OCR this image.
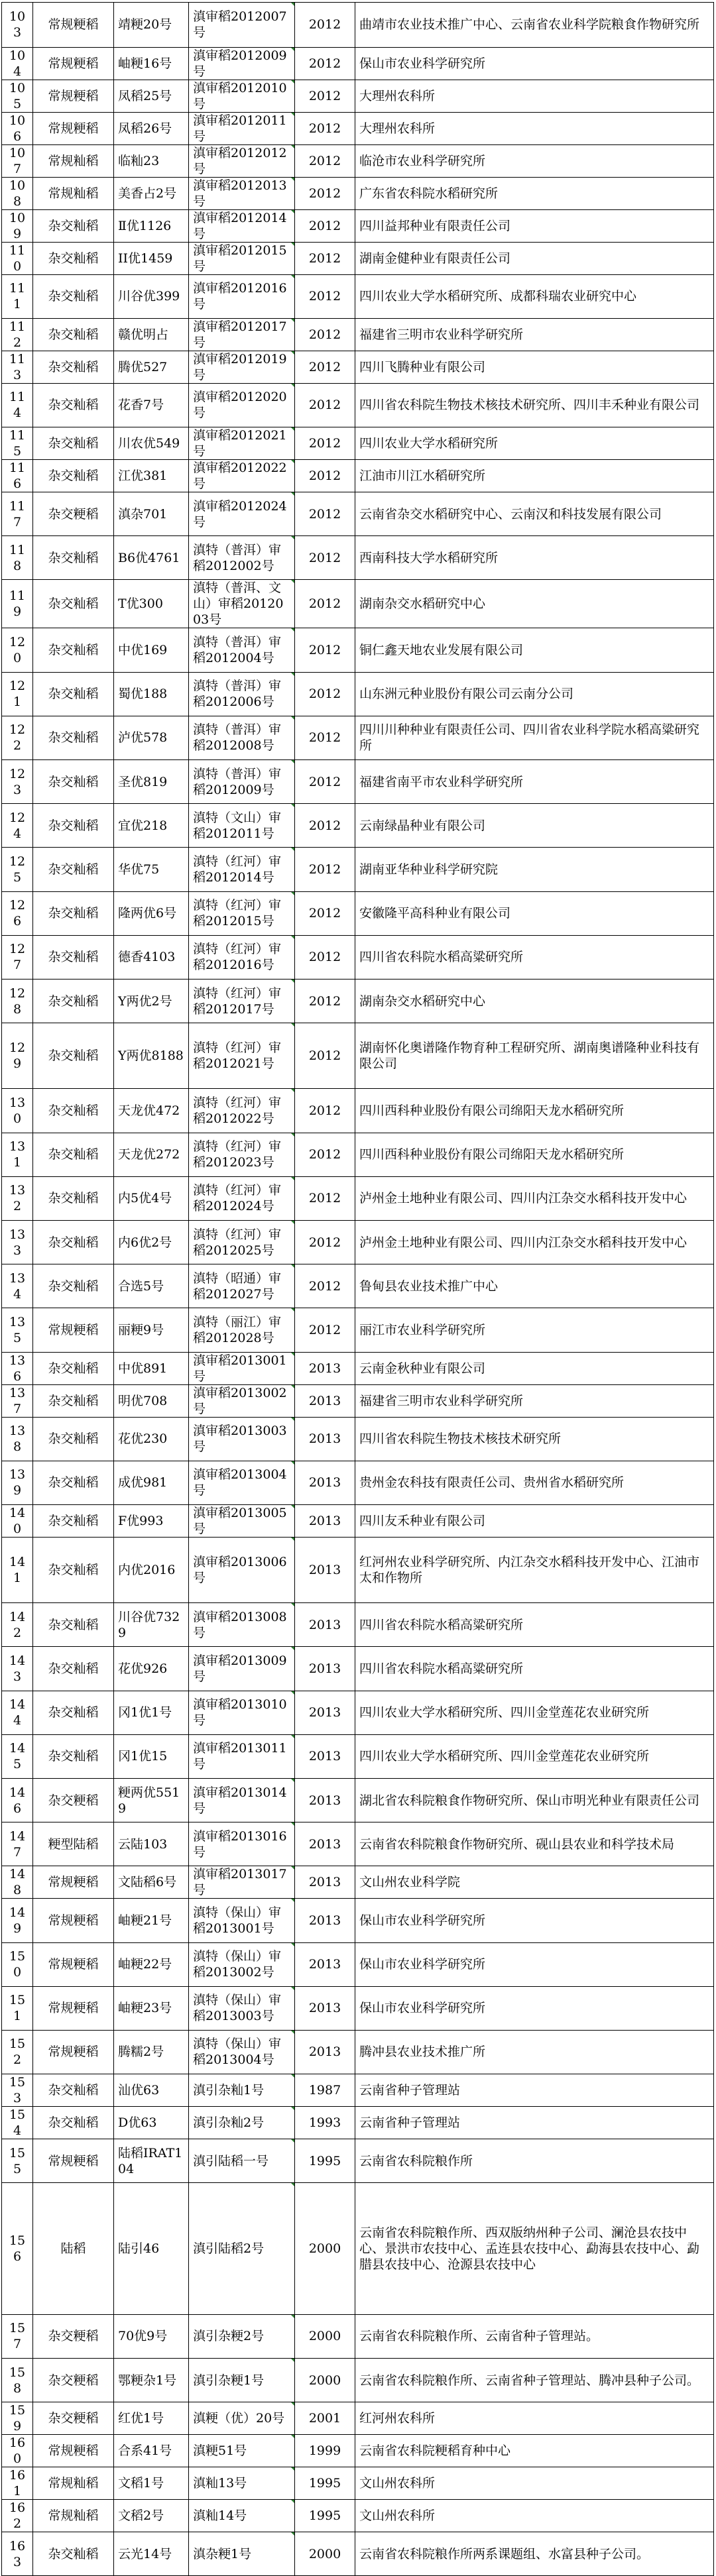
103	常规粳稻	靖粳20号	滇审稻2012007号	2012	曲靖市农业技术推广中心、云南省农业科学院粮食作物研究所
104	常规粳稻	岫粳16号	滇审稻2012009号	2012	保山市农业科学研究所
105	常规粳稻	凤稻25号	滇审稻2012010号	2012	大理州农科所
106	常规粳稻	凤稻26号	滇审稻2012011号	2012	大理州农科所
107	常规籼稻	临籼23	滇审稻2012012号	2012	临沧市农业科学研究所
108	常规籼稻	美香占2号	滇审稻2012013号	2012	广东省农科院水稻研究所
109	杂交籼稻	Ⅱ优1126	滇审稻2012014号	2012	四川益邦种业有限责任公司
110	杂交籼稻	II优1459	滇审稻2012015号	2012	湖南金健种业有限责任公司
111	杂交籼稻	川谷优399	滇审稻2012016号	2012	四川农业大学水稻研究所、成都科瑞农业研究中心
112	杂交籼稻	赣优明占	滇审稻2012017号	2012	福建省三明市农业科学研究所
113	杂交籼稻	腾优527	滇审稻2012019号	2012	四川飞腾种业有限公司
114	杂交籼稻	花香7号	滇审稻2012020号	2012	四川省农科院生物技术核技术研究所、四川丰禾种业有限公司
115	杂交籼稻	川农优549	滇审稻2012021号	2012	四川农业大学水稻研究所
116	杂交籼稻	江优381	滇审稻2012022号	2012	江油市川江水稻研究所
117	杂交粳稻	滇杂701	滇审稻2012024号	2012	云南省杂交水稻研究中心、云南汉和科技发展有限公司
118	杂交籼稻	B6优4761	滇特（普洱）审稻2012002号	2012	西南科技大学水稻研究所
119	杂交籼稻	T优300	滇特（普洱、文山）审稻2012003号	2012	湖南杂交水稻研究中心
120	杂交籼稻	中优169	滇特（普洱）审稻2012004号	2012	铜仁鑫天地农业发展有限公司
121	杂交籼稻	蜀优188	滇特（普洱）审稻2012006号	2012	山东洲元种业股份有限公司云南分公司
122	杂交籼稻	泸优578	滇特（普洱）审稻2012008号	2012	四川川种种业有限责任公司、四川省农业科学院水稻高粱研究所
123	杂交籼稻	圣优819	滇特（普洱）审稻2012009号	2012	福建省南平市农业科学研究所
124	杂交籼稻	宜优218	滇特（文山）审稻2012011号	2012	云南绿晶种业有限公司
125	杂交籼稻	华优75	滇特（红河）审稻2012014号	2012	湖南亚华种业科学研究院
126	杂交籼稻	隆两优6号	滇特（红河）审稻2012015号	2012	安徽隆平高科种业有限公司
127	杂交籼稻	德香4103	滇特（红河）审稻2012016号	2012	四川省农科院水稻高粱研究所
128	杂交籼稻	Y两优2号	滇特（红河）审稻2012017号	2012	湖南杂交水稻研究中心
129	杂交籼稻	Y两优8188	滇特（红河）审稻2012021号	2012	湖南怀化奥谱隆作物育种工程研究所、湖南奥谱隆种业科技有限公司
130	杂交籼稻	天龙优472	滇特（红河）审稻2012022号	2012	四川西科种业股份有限公司绵阳天龙水稻研究所
131	杂交籼稻	天龙优272	滇特（红河）审稻2012023号	2012	四川西科种业股份有限公司绵阳天龙水稻研究所
132	杂交籼稻	内5优4号	滇特（红河）审稻2012024号	2012	泸州金土地种业有限公司、四川内江杂交水稻科技开发中心
133	杂交籼稻	内6优2号	滇特（红河）审稻2012025号	2012	泸州金土地种业有限公司、四川内江杂交水稻科技开发中心
134	杂交籼稻	合选5号	滇特（昭通）审稻2012027号	2012	鲁甸县农业技术推广中心
135	常规粳稻	丽粳9号	滇特（丽江）审稻2012028号	2012	丽江市农业科学研究所
136	杂交籼稻	中优891	滇审稻2013001号	2013	云南金秋种业有限公司
137	杂交籼稻	明优708	滇审稻2013002号	2013	福建省三明市农业科学研究所
138	杂交籼稻	花优230	滇审稻2013003号	2013	四川省农科院生物技术核技术研究所
139	杂交籼稻	成优981	滇审稻2013004号	2013	贵州金农科技有限责任公司、贵州省水稻研究所
140	杂交籼稻	F优993	滇审稻2013005号	2013	四川友禾种业有限公司
141	杂交籼稻	内优2016	滇审稻2013006号	2013	红河州农业科学研究所、内江杂交水稻科技开发中心、江油市太和作物所
142	杂交籼稻	川谷优7329	滇审稻2013008号	2013	四川省农科院水稻高粱研究所
143	杂交籼稻	花优926	滇审稻2013009号	2013	四川省农科院水稻高粱研究所
144	杂交籼稻	冈1优1号	滇审稻2013010号	2013	四川农业大学水稻研究所、四川金堂莲花农业研究所
145	杂交籼稻	冈1优15	滇审稻2013011号	2013	四川农业大学水稻研究所、四川金堂莲花农业研究所
146	杂交粳稻	粳两优5519	滇审稻2013014号	2013	湖北省农科院粮食作物研究所、保山市明光种业有限责任公司
147	粳型陆稻	云陆103	滇审稻2013016号	2013	云南省农科院粮食作物研究所、砚山县农业和科学技术局
148	常规粳稻	文陆稻6号	滇审稻2013017号	2013	文山州农业科学院
149	常规粳稻	岫粳21号	滇特（保山）审稻2013001号	2013	保山市农业科学研究所
150	常规粳稻	岫粳22号	滇特（保山）审稻2013002号	2013	保山市农业科学研究所
151	常规粳稻	岫粳23号	滇特（保山）审稻2013003号	2013	保山市农业科学研究所
152	常规粳稻	腾糯2号	滇特（保山）审稻2013004号	2013	腾冲县农业技术推广所
153	杂交籼稻	汕优63	滇引杂籼1号	1987	云南省种子管理站
154	杂交籼稻	D优63	滇引杂籼2号	1993	云南省种子管理站
155	常规粳稻	陆稻IRAT104	滇引陆稻一号	1995	云南省农科院粮作所
156	陆稻	陆引46	滇引陆稻2号	2000	云南省农科院粮作所、西双版纳州种子公司、澜沧县农技中心、景洪市农技中心、孟连县农技中心、勐海县农技中心、勐腊县农技中心、沧源县农技中心
157	杂交粳稻	70优9号	滇引杂粳2号	2000	云南省农科院粮作所、云南省种子管理站。
158	杂交粳稻	鄂粳杂1号	滇引杂粳1号	2000	云南省农科院粮作所、云南省种子管理站、腾冲县种子公司。
159	杂交粳稻	红优1号	滇粳（优）20号	2001	红河州农科所
160	常规粳稻	合系41号	滇粳51号	1999	云南省农科院粳稻育种中心
161	常规籼稻	文稻1号	滇籼13号	1995	文山州农科所
162	常规籼稻	文稻2号	滇籼14号	1995	文山州农科所
163	杂交籼稻	云光14号	滇杂粳1号	2000	云南省农科院粮作所两系课题组、水富县种子公司。
